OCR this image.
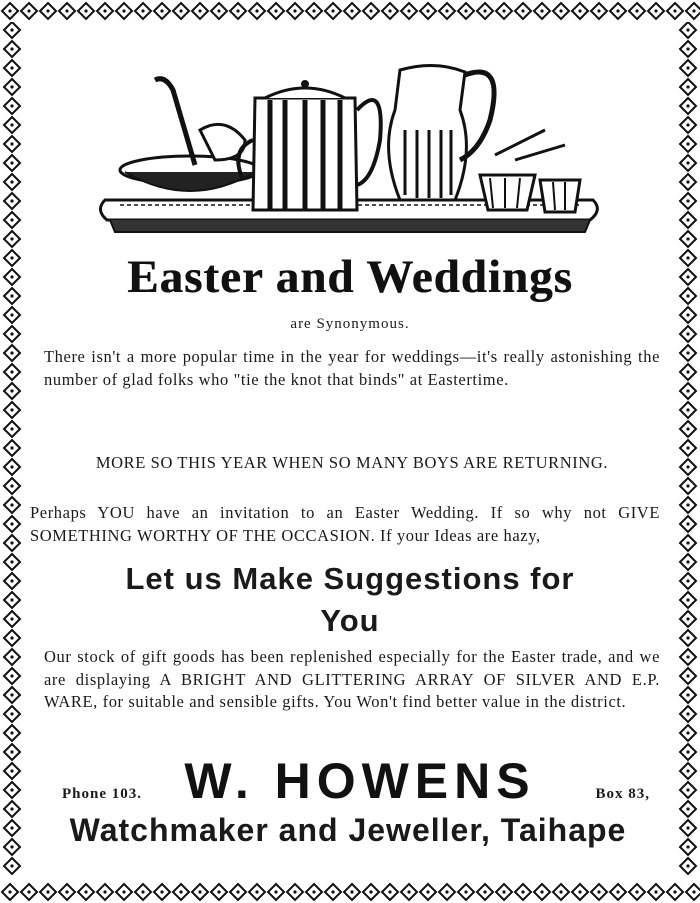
Easter and Weddings
are Synonymous.
There isn't a more popular time in the year for weddings—it's really astonishing the number of glad folks who "tie the knot that binds" at Eastertime.
MORE SO THIS YEAR WHEN SO MANY BOYS ARE RETURNING.
Perhaps YOU have an invitation to an Easter Wedding. If so why not GIVE SOMETHING WORTHY OF THE OCCASION. If your Ideas are hazy,
Let us Make Suggestions for
You
Our stock of gift goods has been replenished especially for the Easter trade, and we are displaying A BRIGHT AND GLITTERING ARRAY OF SILVER AND E.P. WARE, for suitable and sensible gifts. You Won't find better value in the district.
Phone 103. W. HOWENS	Box 83,
Watchmaker and Jeweller, Taihape
